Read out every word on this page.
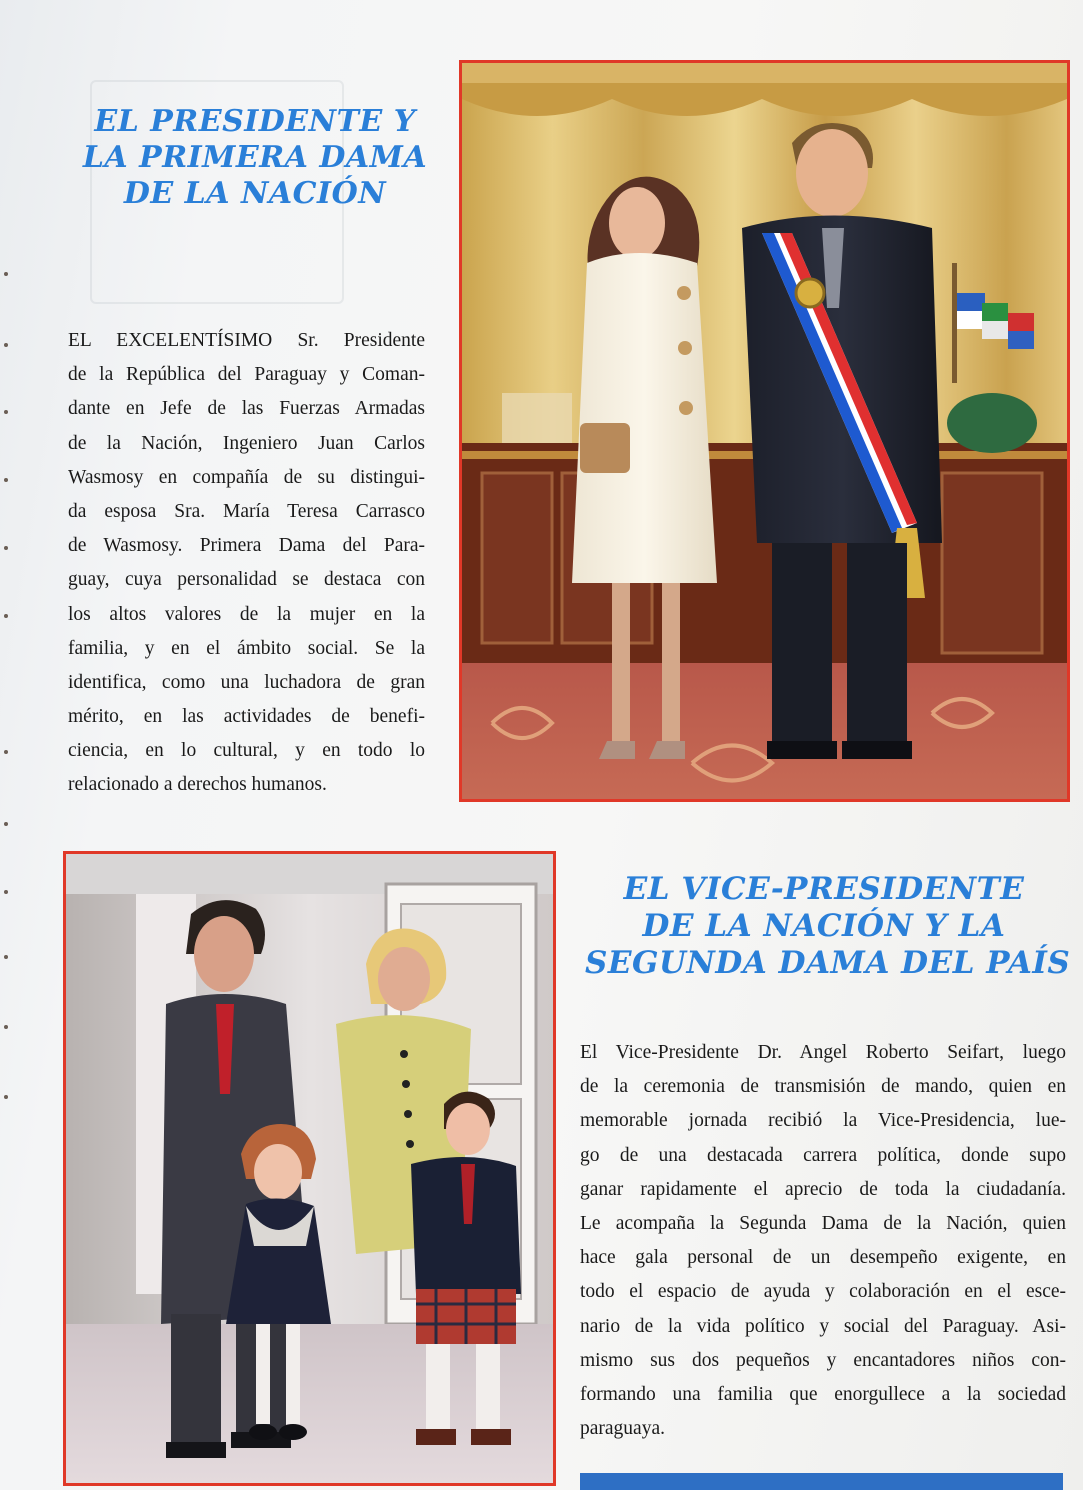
EL PRESIDENTE Y
LA PRIMERA DAMA
DE LA NACIÓN
EL EXCELENTÍSIMO Sr. Presidente
de la República del Paraguay y Coman-
dante en Jefe de las Fuerzas Armadas
de la Nación, Ingeniero Juan Carlos
Wasmosy en compañía de su distingui-
da esposa Sra. María Teresa Carrasco
de Wasmosy. Primera Dama del Para-
guay, cuya personalidad se destaca con
los altos valores de la mujer en la
familia, y en el ámbito social. Se la
identifica, como una luchadora de gran
mérito, en las actividades de benefi-
ciencia, en lo cultural, y en todo lo
relacionado a derechos humanos.
EL VICE-PRESIDENTE
DE LA NACIÓN Y LA
SEGUNDA DAMA DEL PAÍS
El Vice-Presidente Dr. Angel Roberto Seifart, luego
de la ceremonia de transmisión de mando, quien en
memorable jornada recibió la Vice-Presidencia, lue-
go de una destacada carrera política, donde supo
ganar rapidamente el aprecio de toda la ciudadanía.
Le acompaña la Segunda Dama de la Nación, quien
hace gala personal de un desempeño exigente, en
todo el espacio de ayuda y colaboración en el esce-
nario de la vida político y social del Paraguay. Asi-
mismo sus dos pequeños y encantadores niños con-
formando una familia que enorgullece a la sociedad
paraguaya.
